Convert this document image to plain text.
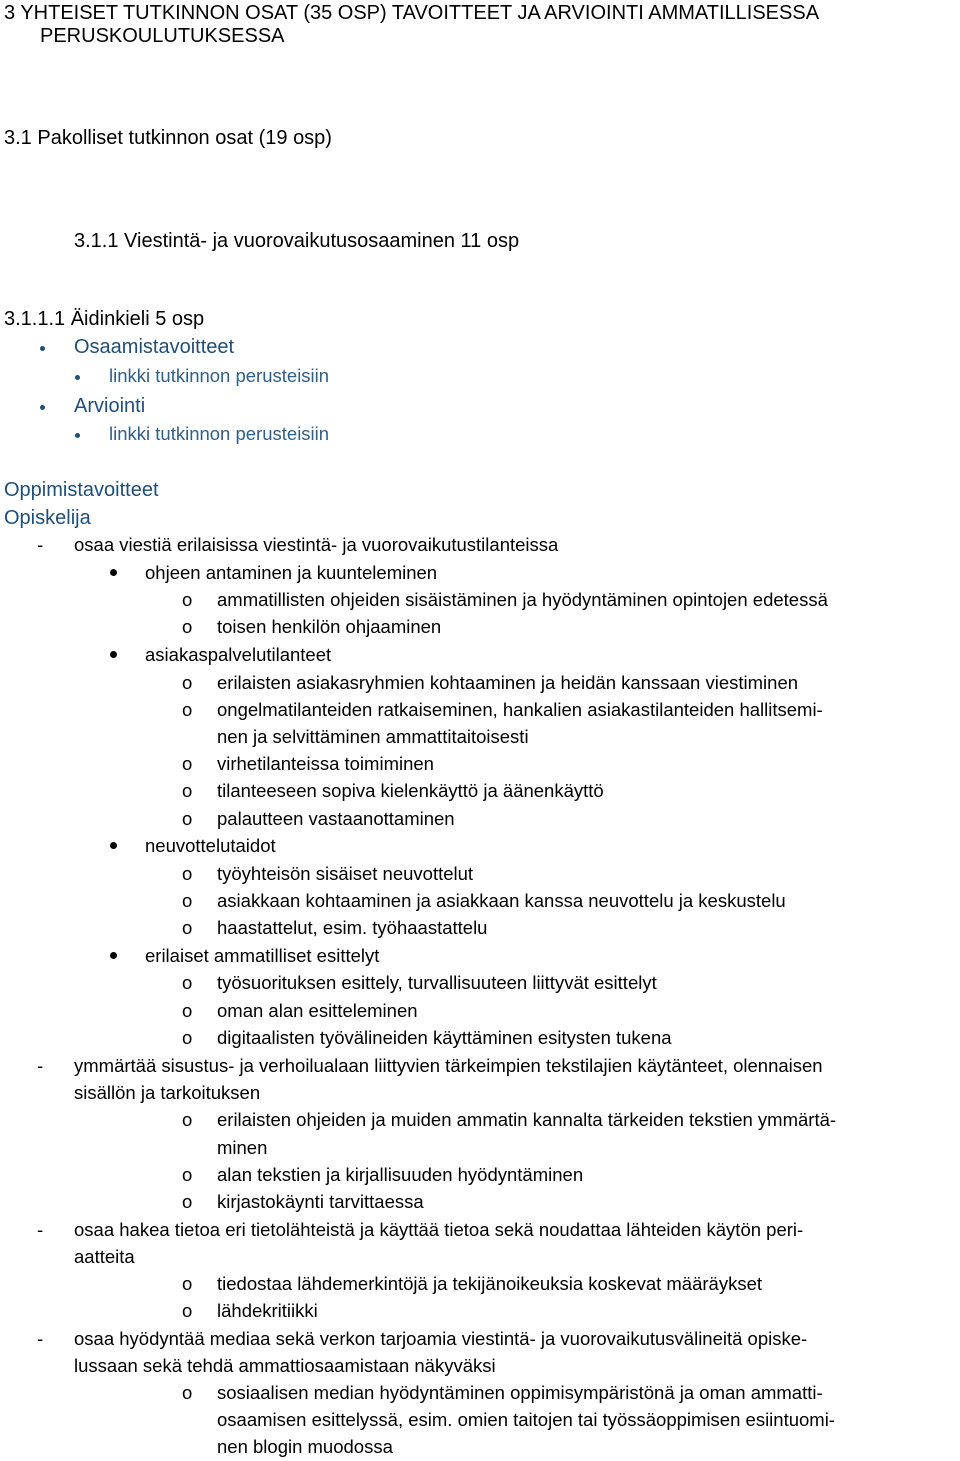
3 YHTEISET TUTKINNON OSAT (35 OSP) TAVOITTEET JA ARVIOINTI AMMATILLISESSA
PERUSKOULUTUKSESSA
3.1 Pakolliset tutkinnon osat (19 osp)
3.1.1 Viestintä- ja vuorovaikutusosaaminen 11 osp
3.1.1.1 Äidinkieli 5 osp
Osaamistavoitteet
linkki tutkinnon perusteisiin
Arviointi
linkki tutkinnon perusteisiin
Oppimistavoitteet
Opiskelija
- osaa viestiä erilaisissa viestintä- ja vuorovaikutustilanteissa
ohjeen antaminen ja kuunteleminen
o ammatillisten ohjeiden sisäistäminen ja hyödyntäminen opintojen edetessä
o toisen henkilön ohjaaminen
asiakaspalvelutilanteet
o erilaisten asiakasryhmien kohtaaminen ja heidän kanssaan viestiminen
o ongelmatilanteiden ratkaiseminen, hankalien asiakastilanteiden hallitsemi-
nen ja selvittäminen ammattitaitoisesti
o virhetilanteissa toimiminen
o tilanteeseen sopiva kielenkäyttö ja äänenkäyttö
o palautteen vastaanottaminen
neuvottelutaidot
o työyhteisön sisäiset neuvottelut
o asiakkaan kohtaaminen ja asiakkaan kanssa neuvottelu ja keskustelu
o haastattelut, esim. työhaastattelu
erilaiset ammatilliset esittelyt
o työsuorituksen esittely, turvallisuuteen liittyvät esittelyt
o oman alan esitteleminen
o digitaalisten työvälineiden käyttäminen esitysten tukena
- ymmärtää sisustus- ja verhoilualaan liittyvien tärkeimpien tekstilajien käytänteet, olennaisen
sisällön ja tarkoituksen
o erilaisten ohjeiden ja muiden ammatin kannalta tärkeiden tekstien ymmärtä-
minen
o alan tekstien ja kirjallisuuden hyödyntäminen
o kirjastokäynti tarvittaessa
- osaa hakea tietoa eri tietolähteistä ja käyttää tietoa sekä noudattaa lähteiden käytön peri-
aatteita
o tiedostaa lähdemerkintöjä ja tekijänoikeuksia koskevat määräykset
o lähdekritiikki
- osaa hyödyntää mediaa sekä verkon tarjoamia viestintä- ja vuorovaikutusvälineitä opiske-
lussaan sekä tehdä ammattiosaamistaan näkyväksi
o sosiaalisen median hyödyntäminen oppimisympäristönä ja oman ammatti-
osaamisen esittelyssä, esim. omien taitojen tai työssäoppimisen esiintuomi-
nen blogin muodossa
